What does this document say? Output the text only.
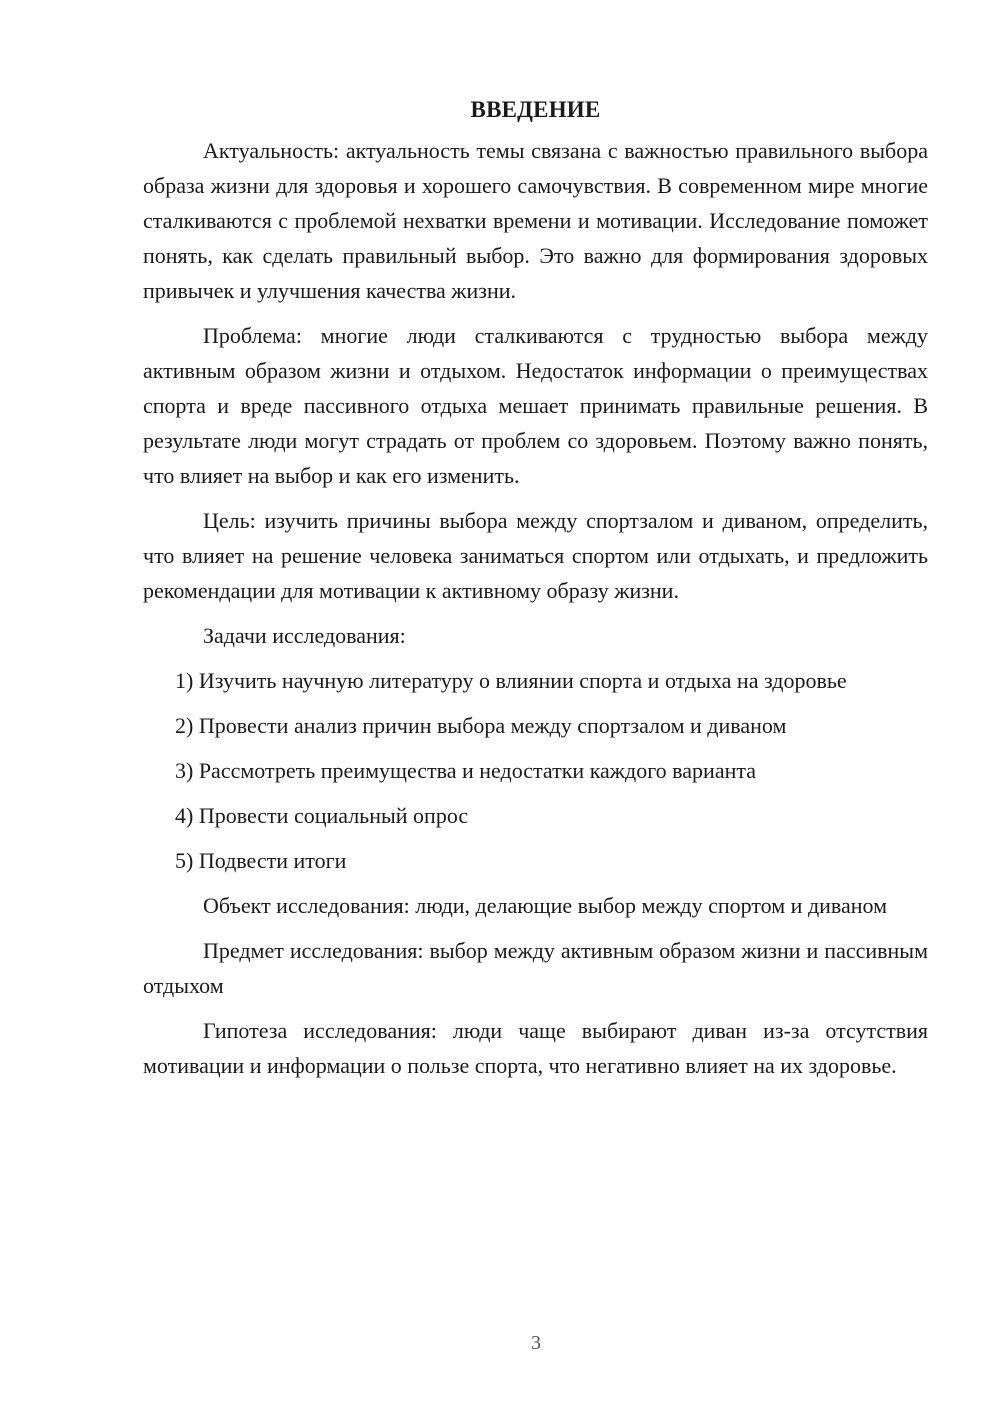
ВВЕДЕНИЕ

Актуальность: актуальность темы связана с важностью правильного выбора образа жизни для здоровья и хорошего самочувствия. В современном мире многие сталкиваются с проблемой нехватки времени и мотивации. Исследование поможет понять, как сделать правильный выбор. Это важно для формирования здоровых привычек и улучшения качества жизни.

Проблема: многие люди сталкиваются с трудностью выбора между активным образом жизни и отдыхом. Недостаток информации о преимуществах спорта и вреде пассивного отдыха мешает принимать правильные решения. В результате люди могут страдать от проблем со здоровьем. Поэтому важно понять, что влияет на выбор и как его изменить.

Цель: изучить причины выбора между спортзалом и диваном, определить, что влияет на решение человека заниматься спортом или отдыхать, и предложить рекомендации для мотивации к активному образу жизни.

Задачи исследования:

1) Изучить научную литературу о влиянии спорта и отдыха на здоровье

2) Провести анализ причин выбора между спортзалом и диваном

3) Рассмотреть преимущества и недостатки каждого варианта

4) Провести социальный опрос

5) Подвести итоги

Объект исследования: люди, делающие выбор между спортом и диваном

Предмет исследования: выбор между активным образом жизни и пассивным отдыхом

Гипотеза исследования: люди чаще выбирают диван из-за отсутствия мотивации и информации о пользе спорта, что негативно влияет на их здоровье.

3
